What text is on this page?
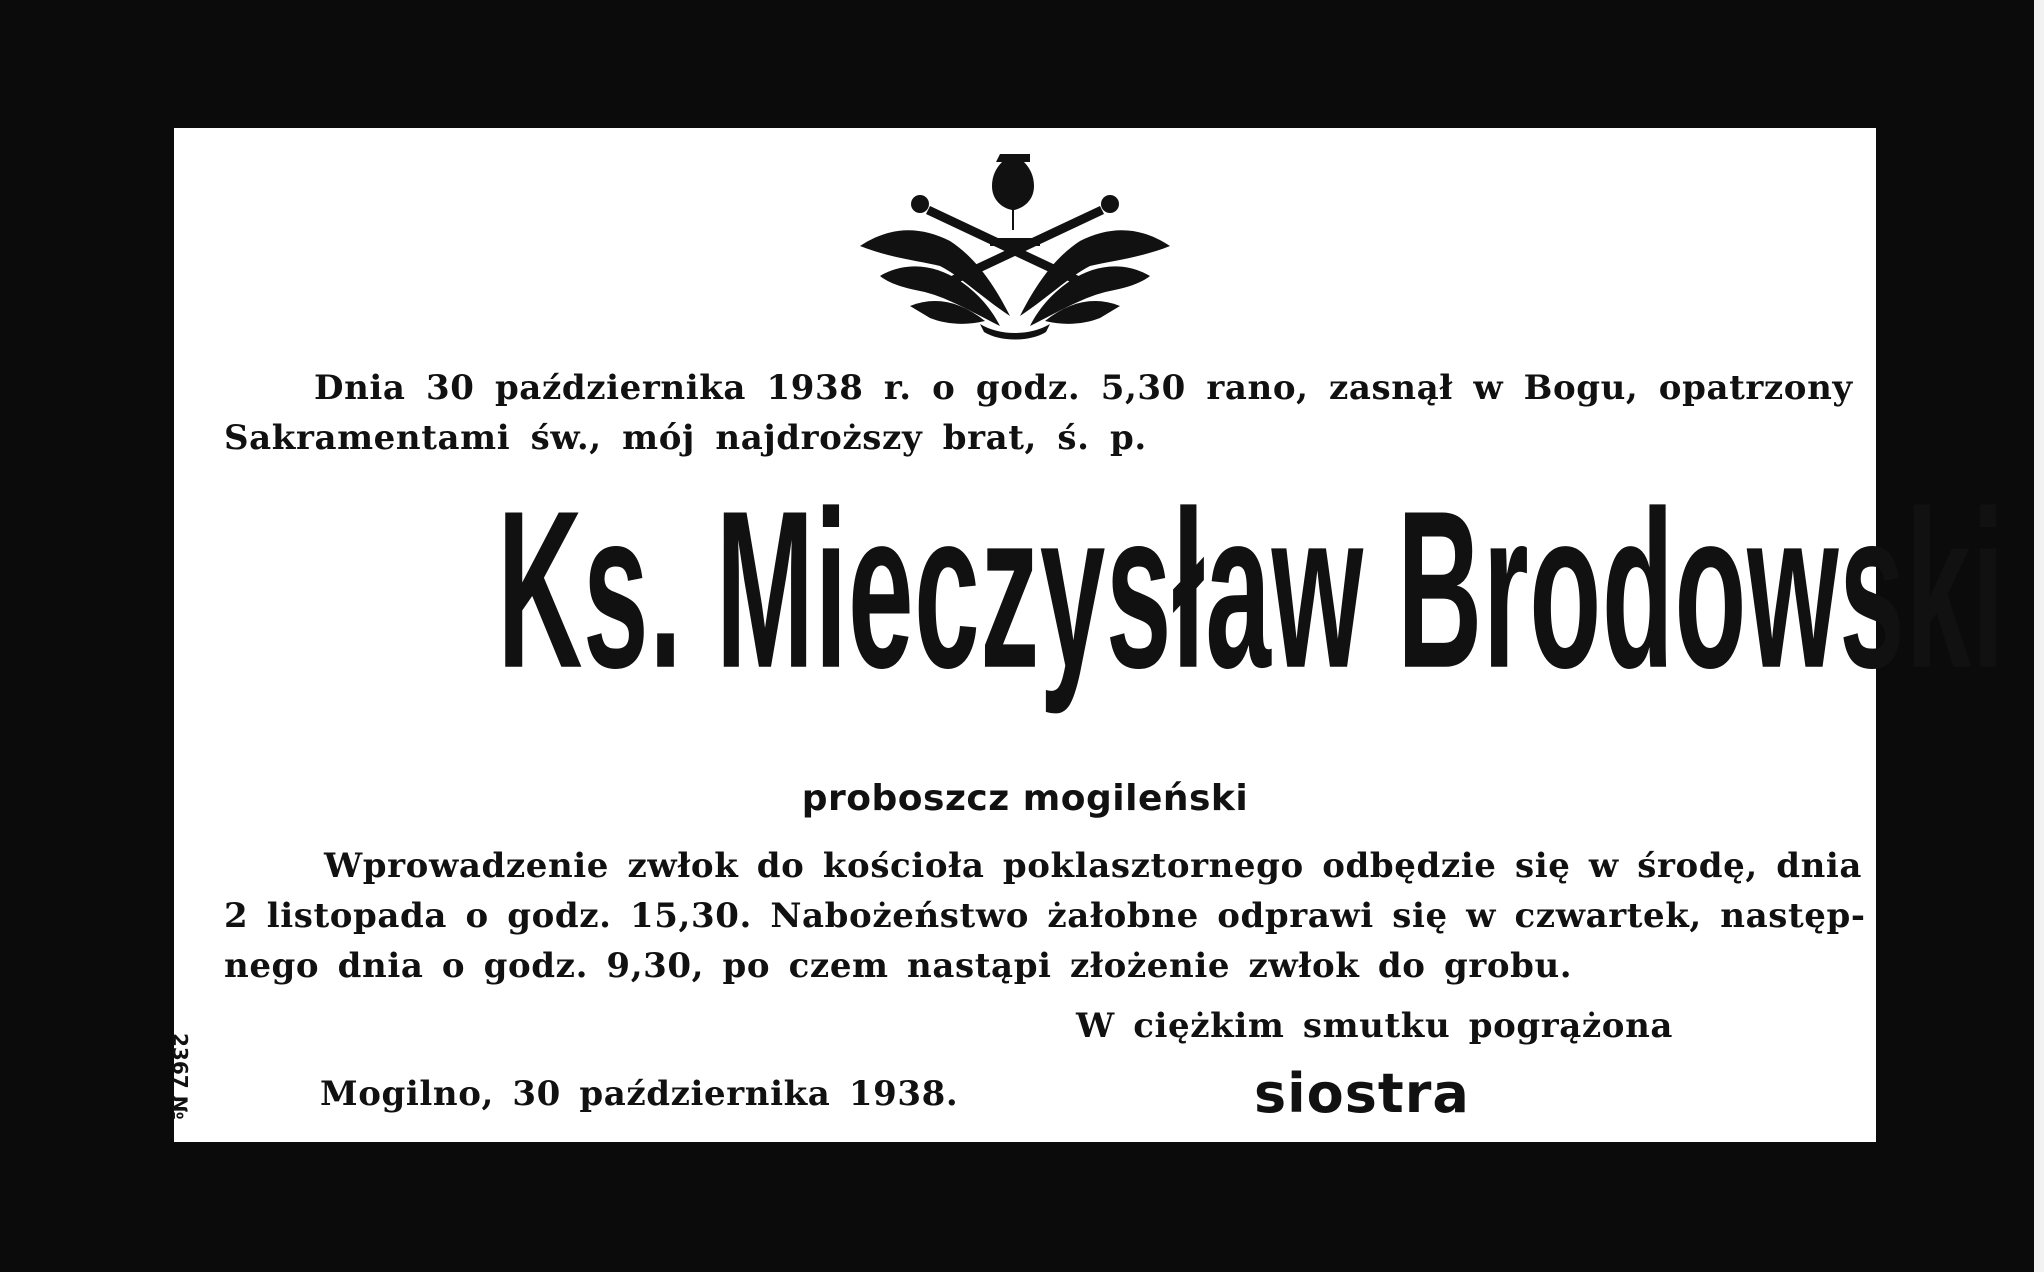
Dnia 30 października 1938 r. o godz. 5,30 rano, zasnął w Bogu, opatrzony
Sakramentami św., mój najdroższy brat, ś. p.
Ks. Mieczysław Brodowski
proboszcz mogileński
Wprowadzenie zwłok do kościoła poklasztornego odbędzie się w środę, dnia
2 listopada o godz. 15,30. Nabożeństwo żałobne odprawi się w czwartek, następ-
nego dnia o godz. 9,30, po czem nastąpi złożenie zwłok do grobu.
W ciężkim smutku pogrążona
Mogilno, 30 października 1938.	siostra
2367 №
